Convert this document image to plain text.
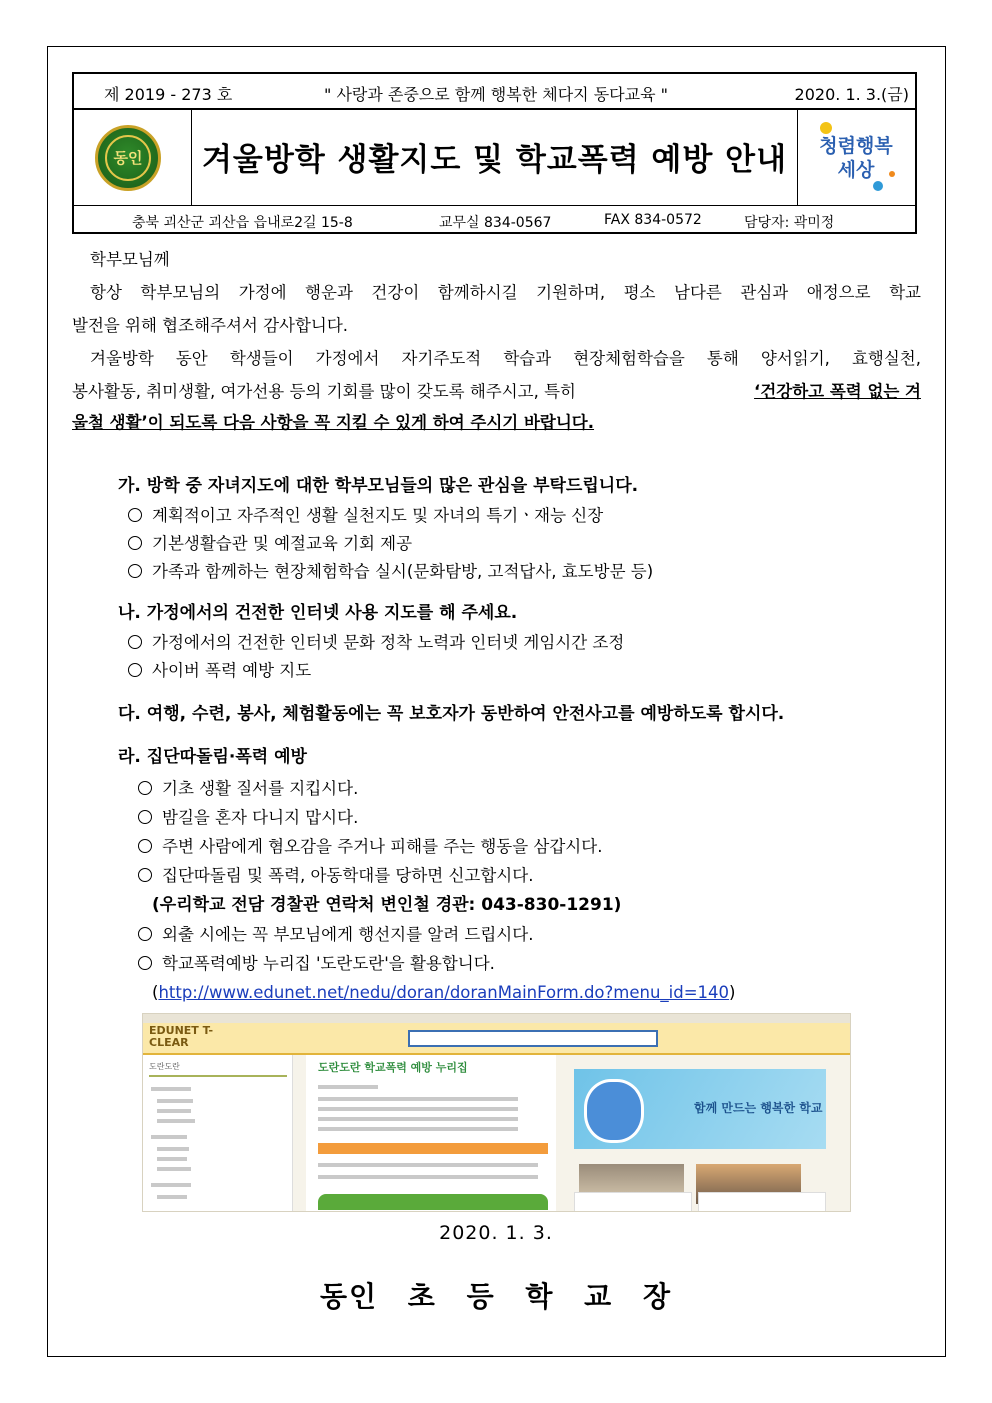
제 2019 - 273 호	" 사랑과 존중으로 함께 행복한 체다지 동다교육 "	2020. 1. 3.(금)
동인	겨울방학 생활지도 및 학교폭력 예방 안내	청렴행복
세상
충북 괴산군 괴산읍 읍내로2길 15-8	교무실 834-0567	FAX 834-0572	담당자: 곽미정
학부모님께
항상 학부모님의 가정에 행운과 건강이 함께하시길 기원하며, 평소 남다른 관심과 애정으로 학교
발전을 위해 협조해주셔서 감사합니다.
겨울방학 동안 학생들이 가정에서 자기주도적 학습과 현장체험학습을 통해 양서읽기, 효행실천,
봉사활동, 취미생활, 여가선용 등의 기회를 많이 갖도록 해주시고, 특히	‘건강하고 폭력 없는 겨
울철 생활’이 되도록 다음 사항을 꼭 지킬 수 있게 하여 주시기 바랍니다.
가. 방학 중 자녀지도에 대한 학부모님들의 많은 관심을 부탁드립니다.
계획적이고 자주적인 생활 실천지도 및 자녀의 특기ㆍ재능 신장
기본생활습관 및 예절교육 기회 제공
가족과 함께하는 현장체험학습 실시(문화탐방, 고적답사, 효도방문 등)
나. 가정에서의 건전한 인터넷 사용 지도를 해 주세요.
가정에서의 건전한 인터넷 문화 정착 노력과 인터넷 게임시간 조정
사이버 폭력 예방 지도
다. 여행, 수련, 봉사, 체험활동에는 꼭 보호자가 동반하여 안전사고를 예방하도록 합시다.
라. 집단따돌림·폭력 예방
기초 생활 질서를 지킵시다.
밤길을 혼자 다니지 맙시다.
주변 사람에게 혐오감을 주거나 피해를 주는 행동을 삼갑시다.
집단따돌림 및 폭력, 아동학대를 당하면 신고합시다.
(우리학교 전담 경찰관 연락처 변인철 경관: 043-830-1291)
외출 시에는 꼭 부모님에게 행선지를 알려 드립시다.
학교폭력예방 누리집 '도란도란'을 활용합니다.
(http://www.edunet.net/nedu/doran/doranMainForm.do?menu_id=140)
EDUNET T-CLEAR
도란도란	도란도란 학교폭력 예방 누리집
함께 만드는 행복한 학교
2020. 1. 3.
동인 초 등 학 교 장
